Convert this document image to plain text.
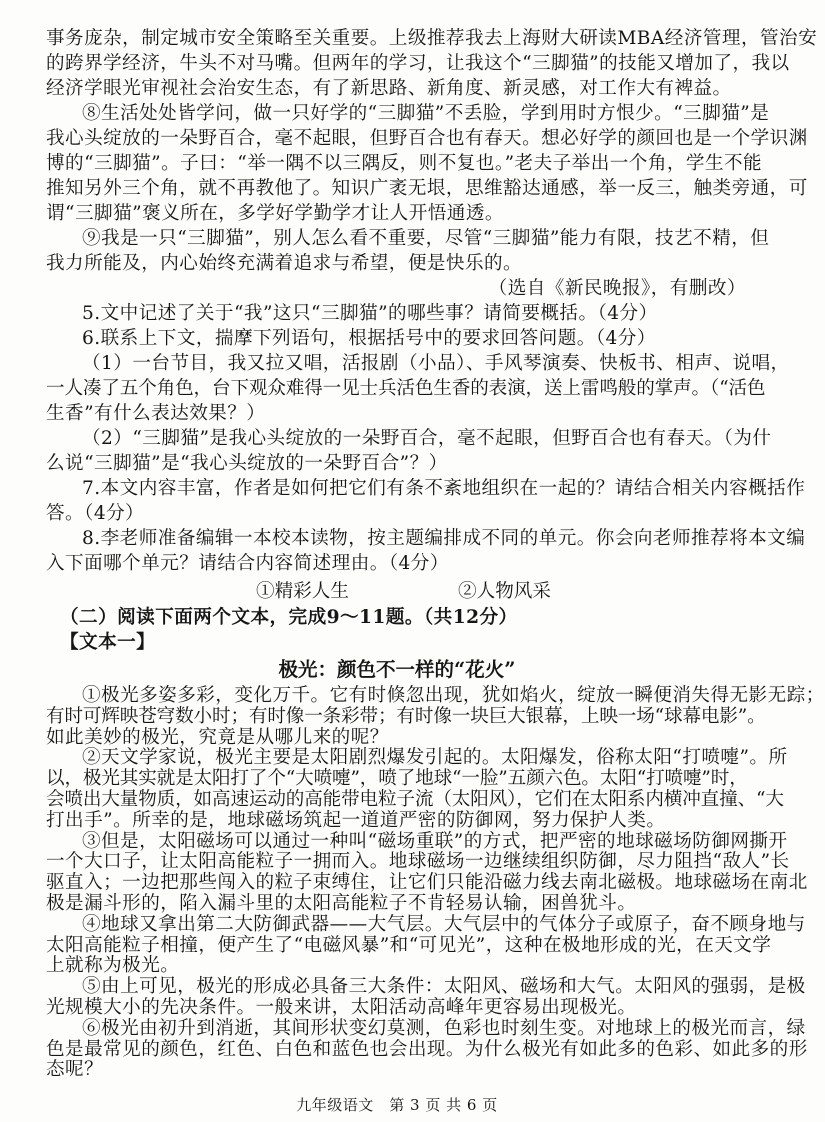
事务庞杂，制定城市安全策略至关重要。上级推荐我去上海财大研读MBA经济管理，管治安
的跨界学经济，牛头不对马嘴。但两年的学习，让我这个“三脚猫”的技能又增加了，我以
经济学眼光审视社会治安生态，有了新思路、新角度、新灵感，对工作大有裨益。
⑧生活处处皆学问，做一只好学的“三脚猫”不丢脸，学到用时方恨少。“三脚猫”是
我心头绽放的一朵野百合，毫不起眼，但野百合也有春天。想必好学的颜回也是一个学识渊
博的“三脚猫”。子曰：“举一隅不以三隅反，则不复也。”老夫子举出一个角，学生不能
推知另外三个角，就不再教他了。知识广袤无垠，思维豁达通感，举一反三，触类旁通，可
谓“三脚猫”褒义所在，多学好学勤学才让人开悟通透。
⑨我是一只“三脚猫”，别人怎么看不重要，尽管“三脚猫”能力有限，技艺不精，但
我力所能及，内心始终充满着追求与希望，便是快乐的。
（选自《新民晚报》，有删改）
5.文中记述了关于“我”这只“三脚猫”的哪些事？请简要概括。（4分）
6.联系上下文，揣摩下列语句，根据括号中的要求回答问题。（4分）
（1）一台节目，我又拉又唱，活报剧（小品）、手风琴演奏、快板书、相声、说唱，
一人凑了五个角色，台下观众难得一见士兵活色生香的表演，送上雷鸣般的掌声。（“活色
生香”有什么表达效果？）
（2）“三脚猫”是我心头绽放的一朵野百合，毫不起眼，但野百合也有春天。（为什
么说“三脚猫”是“我心头绽放的一朵野百合”？）
7.本文内容丰富，作者是如何把它们有条不紊地组织在一起的？请结合相关内容概括作
答。（4分）
8.李老师准备编辑一本校本读物，按主题编排成不同的单元。你会向老师推荐将本文编
入下面哪个单元？请结合内容简述理由。（4分）
①精彩人生	②人物风采
（二）阅读下面两个文本，完成9～11题。（共12分）
【文本一】
极光：颜色不一样的“花火”
九年级语文　第 3 页 共 6 页
①极光多姿多彩，变化万千。它有时倏忽出现，犹如焰火，绽放一瞬便消失得无影无踪；
有时可辉映苍穹数小时；有时像一条彩带；有时像一块巨大银幕，上映一场“球幕电影”。
如此美妙的极光，究竟是从哪儿来的呢？
②天文学家说，极光主要是太阳剧烈爆发引起的。太阳爆发，俗称太阳“打喷嚏”。所
以，极光其实就是太阳打了个“大喷嚏”，喷了地球“一脸”五颜六色。太阳“打喷嚏”时，
会喷出大量物质，如高速运动的高能带电粒子流（太阳风），它们在太阳系内横冲直撞、“大
打出手”。所幸的是，地球磁场筑起一道道严密的防御网，努力保护人类。
③但是，太阳磁场可以通过一种叫“磁场重联”的方式，把严密的地球磁场防御网撕开
一个大口子，让太阳高能粒子一拥而入。地球磁场一边继续组织防御，尽力阻挡“敌人”长
驱直入；一边把那些闯入的粒子束缚住，让它们只能沿磁力线去南北磁极。地球磁场在南北
极是漏斗形的，陷入漏斗里的太阳高能粒子不肯轻易认输，困兽犹斗。
④地球又拿出第二大防御武器——大气层。大气层中的气体分子或原子，奋不顾身地与
太阳高能粒子相撞，便产生了“电磁风暴”和“可见光”，这种在极地形成的光，在天文学
上就称为极光。
⑤由上可见，极光的形成必具备三大条件：太阳风、磁场和大气。太阳风的强弱，是极
光规模大小的先决条件。一般来讲，太阳活动高峰年更容易出现极光。
⑥极光由初升到消逝，其间形状变幻莫测，色彩也时刻生变。对地球上的极光而言，绿
色是最常见的颜色，红色、白色和蓝色也会出现。为什么极光有如此多的色彩、如此多的形
态呢？
